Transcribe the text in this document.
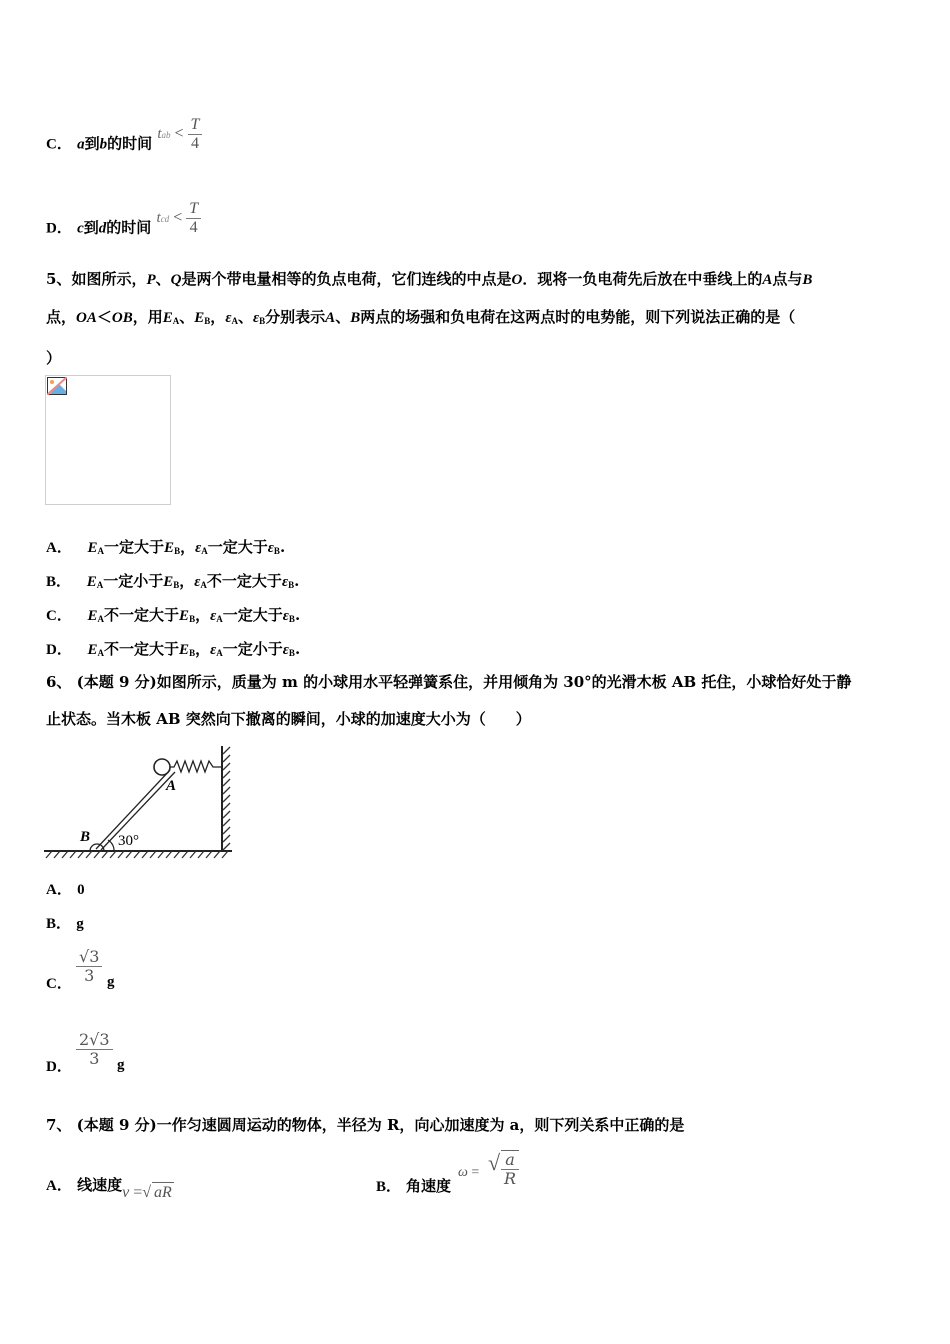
C． a到b的时间 tab < $\frac{T}{4}$
D． c到d的时间 tcd < $\frac{T}{4}$
5、如图所示，P、Q是两个带电量相等的负点电荷，它们连线的中点是O．现将一负电荷先后放在中垂线上的A点与B
点，OA＜OB，用$E_A$、$E_B$，$\varepsilon_A$、$\varepsilon_B$分别表示A、B两点的场强和负电荷在这两点时的电势能，则下列说法正确的是（
）
A． $E_A$一定大于$E_B$，$\varepsilon_A$一定大于$\varepsilon_B$.
B． $E_A$一定小于$E_B$，$\varepsilon_A$不一定大于$\varepsilon_B$.
C． $E_A$不一定大于$E_B$，$\varepsilon_A$一定大于$\varepsilon_B$.
D． $E_A$不一定大于$E_B$，$\varepsilon_A$一定小于$\varepsilon_B$.
6、 (本题 9 分)如图所示，质量为 m 的小球用水平轻弹簧系住，并用倾角为 30°的光滑木板 AB 托住，小球恰好处于静
止状态。当木板 AB 突然向下撤离的瞬间，小球的加速度大小为（　　）
A
B 30°
A． 0
B． g
C．
√3
3 g
D．
2√3
3 g
7、 (本题 9 分)一作匀速圆周运动的物体，半径为 R，向心加速度为 a，则下列关系中正确的是
A． 线速度v =√ aR	B． 角速度
ω = √ a
R
